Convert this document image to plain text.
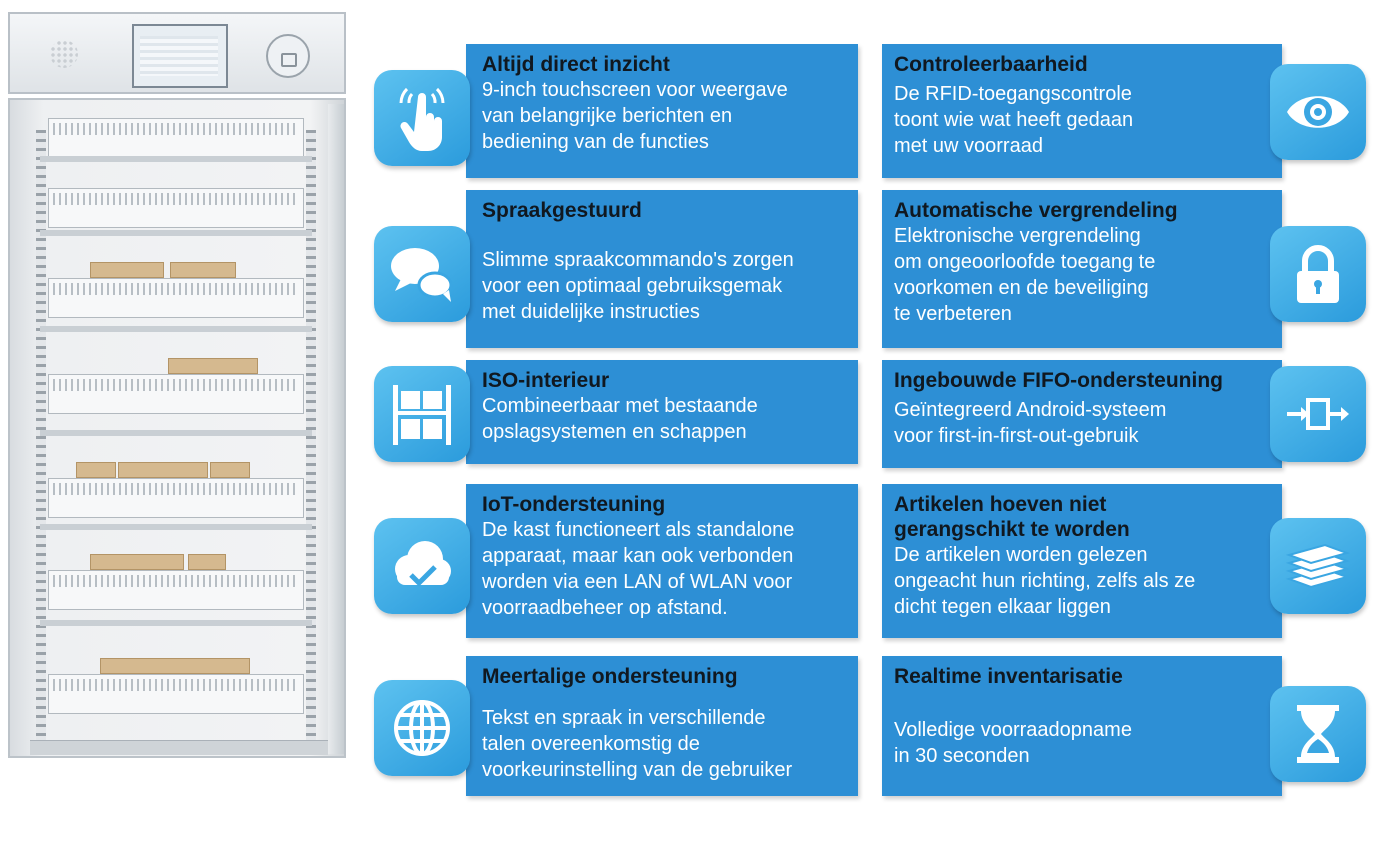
Altijd direct inzicht

9-inch touchscreen voor weergave

van belangrijke berichten en

bediening van de functies

Spraakgestuurd

Slimme spraakcommando's zorgen

voor een optimaal gebruiksgemak

met duidelijke instructies

ISO-interieur

Combineerbaar met bestaande

opslagsystemen en schappen

IoT-ondersteuning

De kast functioneert als standalone

apparaat, maar kan ook verbonden

worden via een LAN of WLAN voor

voorraadbeheer op afstand.

Meertalige ondersteuning

Tekst en spraak in verschillende

talen overeenkomstig de

voorkeurinstelling van de gebruiker

Controleerbaarheid

De RFID-toegangscontrole

toont wie wat heeft gedaan

met uw voorraad

Automatische vergrendeling

Elektronische vergrendeling

om ongeoorloofde toegang te

voorkomen en de beveiliging

te verbeteren

Ingebouwde FIFO-ondersteuning

Geïntegreerd Android-systeem

voor first-in-first-out-gebruik

Artikelen hoeven niet
gerangschikt te worden

De artikelen worden gelezen

ongeacht hun richting, zelfs als ze

dicht tegen elkaar liggen

Realtime inventarisatie

Volledige voorraadopname

in 30 seconden
